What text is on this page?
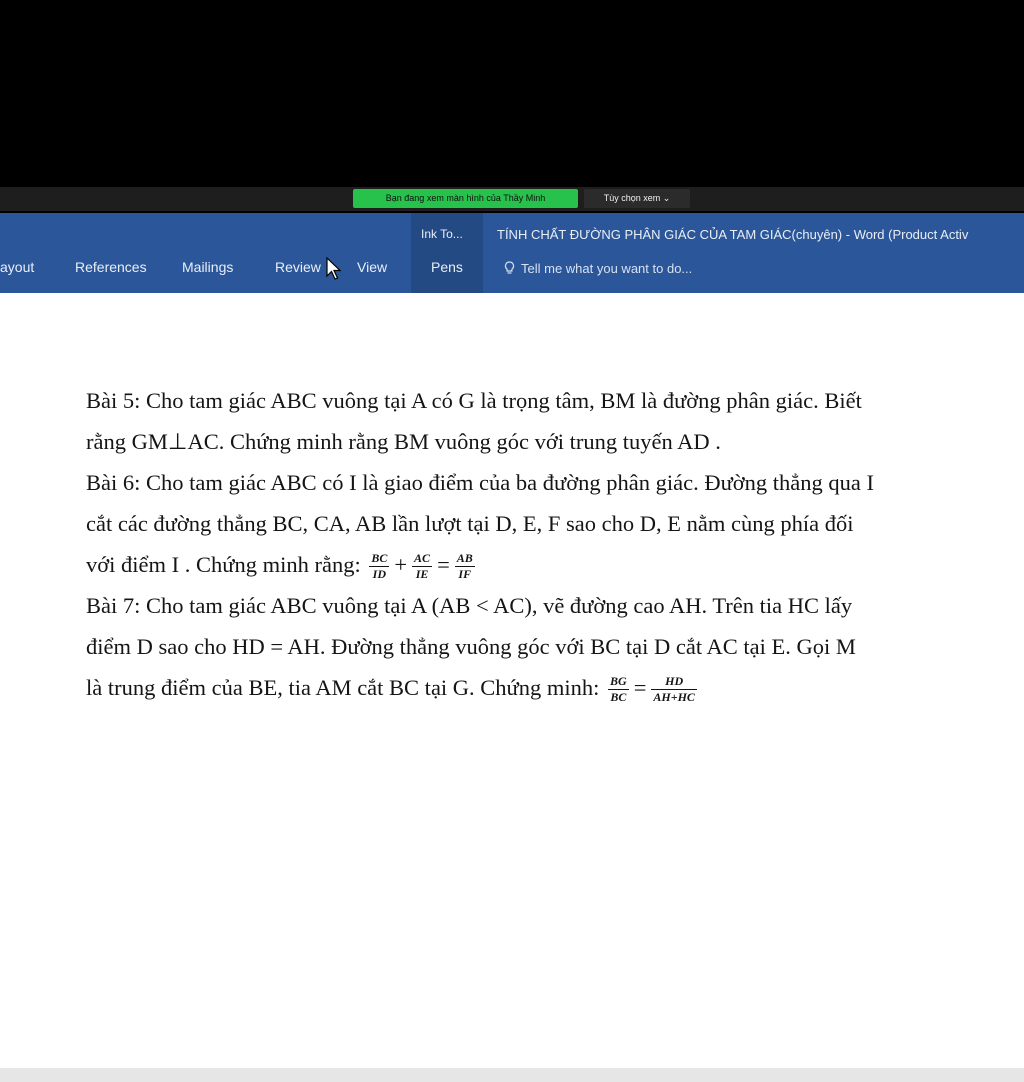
Bạn đang xem màn hình của Thầy Minh	Tùy chọn xem ⌄
ayout	References	Mailings	Review	View
Ink To...
Pens
TÍNH CHẤT ĐƯỜNG PHÂN GIÁC CỦA TAM GIÁC(chuyên) - Word (Product Activ
Tell me what you want to do...

Bài 5: Cho tam giác ABC vuông tại A có G là trọng tâm, BM là đường phân giác. Biết

rằng GM⊥AC. Chứng minh rằng BM vuông góc với trung tuyến AD .

Bài 6: Cho tam giác ABC có I là giao điểm của ba đường phân giác. Đường thẳng qua I

cắt các đường thẳng BC, CA, AB lần lượt tại D, E, F sao cho D, E nằm cùng phía đối

với điểm I . Chứng minh rằng: $\frac{BC}{ID} + \frac{AC}{IE} = \frac{AB}{IF}$

Bài 7: Cho tam giác ABC vuông tại A (AB < AC), vẽ đường cao AH. Trên tia HC lấy

điểm D sao cho HD = AH. Đường thẳng vuông góc với BC tại D cắt AC tại E. Gọi M

là trung điểm của BE, tia AM cắt BC tại G. Chứng minh: $\frac{BG}{BC} = \frac{HD}{AH+HC}$
